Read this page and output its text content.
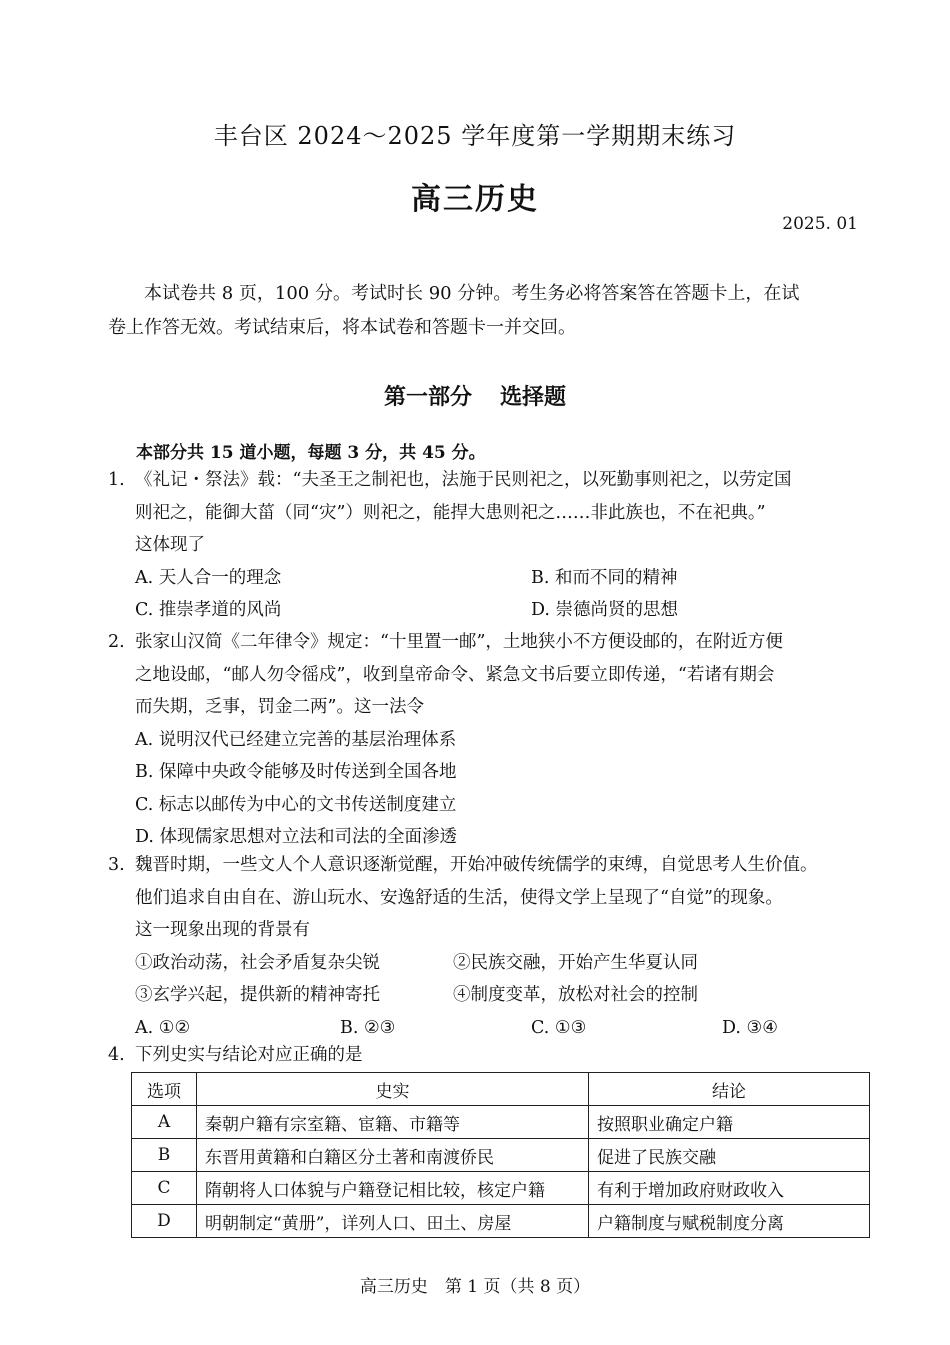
丰台区 2024～2025 学年度第一学期期末练习
高三历史
2025. 01
本试卷共 8 页，100 分。考试时长 90 分钟。考生务必将答案答在答题卡上，在试
卷上作答无效。考试结束后，将本试卷和答题卡一并交回。
第一部分 选择题
本部分共 15 道小题，每题 3 分，共 45 分。
1. 《礼记・祭法》载：“夫圣王之制祀也，法施于民则祀之，以死勤事则祀之，以劳定国
则祀之，能御大菑（同“灾”）则祀之，能捍大患则祀之……非此族也，不在祀典。”
这体现了
A. 天人合一的理念	B. 和而不同的精神
C. 推崇孝道的风尚	D. 崇德尚贤的思想
2. 张家山汉简《二年律令》规定：“十里置一邮”，土地狭小不方便设邮的，在附近方便
之地设邮，“邮人勿令徭戍”，收到皇帝命令、紧急文书后要立即传递，“若诸有期会
而失期，乏事，罚金二两”。这一法令
A. 说明汉代已经建立完善的基层治理体系
B. 保障中央政令能够及时传送到全国各地
C. 标志以邮传为中心的文书传送制度建立
D. 体现儒家思想对立法和司法的全面渗透
3. 魏晋时期，一些文人个人意识逐渐觉醒，开始冲破传统儒学的束缚，自觉思考人生价值。
他们追求自由自在、游山玩水、安逸舒适的生活，使得文学上呈现了“自觉”的现象。
这一现象出现的背景有
①政治动荡，社会矛盾复杂尖锐	②民族交融，开始产生华夏认同
③玄学兴起，提供新的精神寄托	④制度变革，放松对社会的控制
A. ①②	B. ②③	C. ①③	D. ③④
4. 下列史实与结论对应正确的是
选项	史实	结论
A	秦朝户籍有宗室籍、宦籍、市籍等	按照职业确定户籍
B	东晋用黄籍和白籍区分土著和南渡侨民	促进了民族交融
C	隋朝将人口体貌与户籍登记相比较，核定户籍	有利于增加政府财政收入
D	明朝制定“黄册”，详列人口、田土、房屋	户籍制度与赋税制度分离
高三历史　第 1 页（共 8 页）
